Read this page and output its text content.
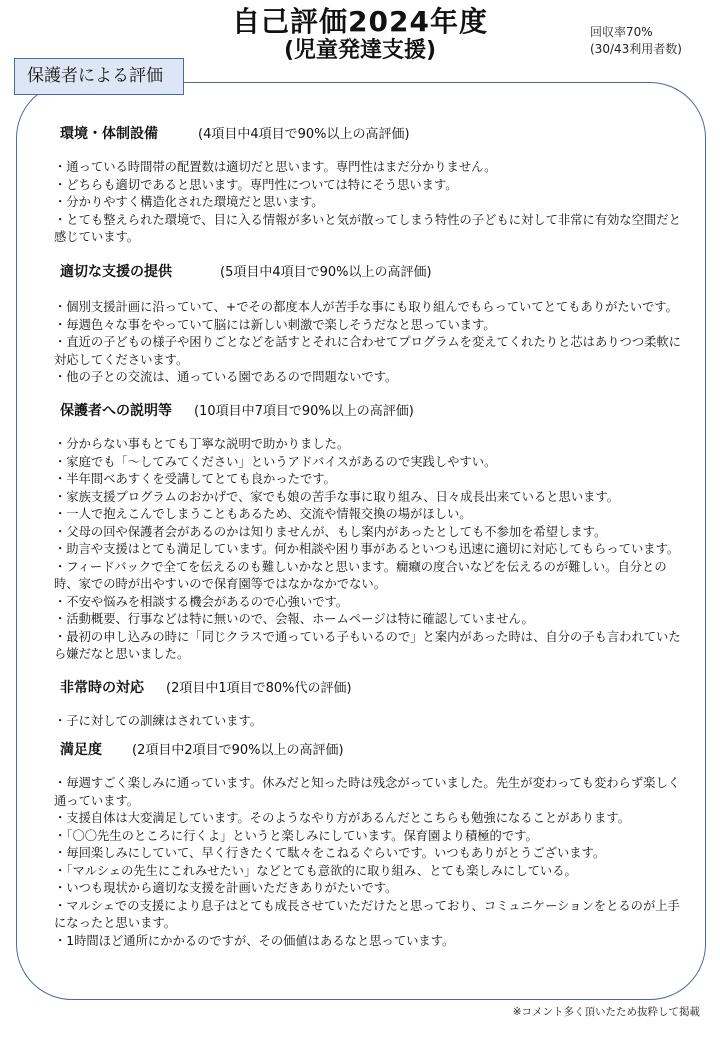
自己評価2024年度
(児童発達支援)
回収率70%
(30/43利用者数)
保護者による評価
環境・体制設備	(4項目中4項目で90%以上の高評価)

・通っている時間帯の配置数は適切だと思います。専門性はまだ分かりません。

・どちらも適切であると思います。専門性については特にそう思います。

・分かりやすく構造化された環境だと思います。

・とても整えられた環境で、目に入る情報が多いと気が散ってしまう特性の子どもに対して非常に有効な空間だと感じています。

適切な支援の提供	(5項目中4項目で90%以上の高評価)

・個別支援計画に沿っていて、+でその都度本人が苦手な事にも取り組んでもらっていてとてもありがたいです。

・毎週色々な事をやっていて脳には新しい刺激で楽しそうだなと思っています。

・直近の子どもの様子や困りごとなどを話すとそれに合わせてプログラムを変えてくれたりと芯はありつつ柔軟に対応してくださいます。

・他の子との交流は、通っている園であるので問題ないです。

保護者への説明等 (10項目中7項目で90%以上の高評価)

・分からない事もとても丁寧な説明で助かりました。

・家庭でも「〜してみてください」というアドバイスがあるので実践しやすい。

・半年間べあすくを受講してとても良かったです。

・家族支援プログラムのおかげで、家でも娘の苦手な事に取り組み、日々成長出来ていると思います。

・一人で抱えこんでしまうこともあるため、交流や情報交換の場がほしい。

・父母の回や保護者会があるのかは知りませんが、もし案内があったとしても不参加を希望します。

・助言や支援はとても満足しています。何か相談や困り事があるといつも迅速に適切に対応してもらっています。

・フィードバックで全てを伝えるのも難しいかなと思います。癇癪の度合いなどを伝えるのが難しい。自分との時、家での時が出やすいので保育園等ではなかなかでない。

・不安や悩みを相談する機会があるので心強いです。

・活動概要、行事などは特に無いので、会報、ホームページは特に確認していません。

・最初の申し込みの時に「同じクラスで通っている子もいるので」と案内があった時は、自分の子も言われていたら嫌だなと思いました。

非常時の対応 (2項目中1項目で80%代の評価)

・子に対しての訓練はされています。

満足度 (2項目中2項目で90%以上の高評価)

・毎週すごく楽しみに通っています。休みだと知った時は残念がっていました。先生が変わっても変わらず楽しく通っています。

・支援自体は大変満足しています。そのようなやり方があるんだとこちらも勉強になることがあります。

・「〇〇先生のところに行くよ」というと楽しみにしています。保育園より積極的です。

・毎回楽しみにしていて、早く行きたくて駄々をこねるぐらいです。いつもありがとうございます。

・「マルシェの先生にこれみせたい」などとても意欲的に取り組み、とても楽しみにしている。

・いつも現状から適切な支援を計画いただきありがたいです。

・マルシェでの支援により息子はとても成長させていただけたと思っており、コミュニケーションをとるのが上手になったと思います。

・1時間ほど通所にかかるのですが、その価値はあるなと思っています。

※コメント多く頂いたため抜粋して掲載
